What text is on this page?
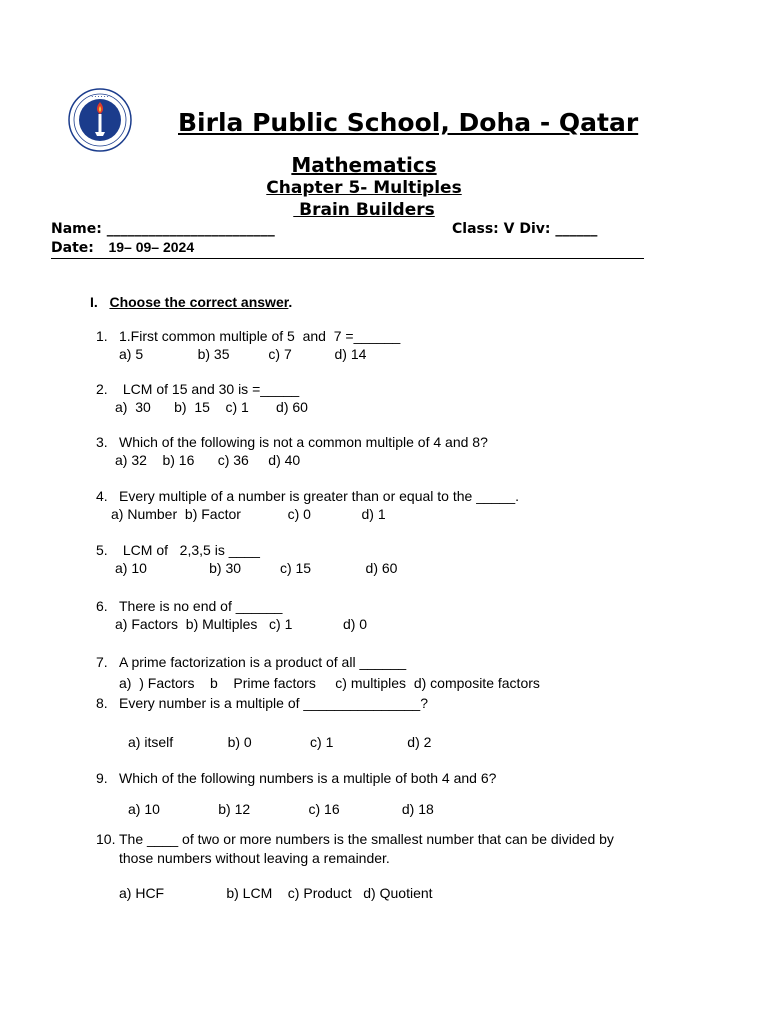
• • • • • •
Birla Public School, Doha - Qatar
Mathematics
Chapter 5- Multiples
Brain Builders
Name: ________________________	Class: V Div: ______
Date: 19– 09– 2024
I. Choose the correct answer.
1. 1.First common multiple of 5  and  7 =______
a) 5              b) 35          c) 7           d) 14
2. LCM of 15 and 30 is =_____
a)  30      b)  15    c) 1       d) 60
3. Which of the following is not a common multiple of 4 and 8?
a) 32    b) 16      c) 36     d) 40
4. Every multiple of a number is greater than or equal to the _____.
a) Number  b) Factor            c) 0             d) 1
5. LCM of   2,3,5 is ____
a) 10                b) 30          c) 15              d) 60
6. There is no end of ______
a) Factors  b) Multiples   c) 1             d) 0
7. A prime factorization is a product of all ______
a)  ) Factors    b    Prime factors     c) multiples  d) composite factors
8. Every number is a multiple of _______________?
a) itself              b) 0               c) 1                   d) 2
9. Which of the following numbers is a multiple of both 4 and 6?
a) 10               b) 12               c) 16                d) 18
10. The ____ of two or more numbers is the smallest number that can be divided by
those numbers without leaving a remainder.
a) HCF                b) LCM    c) Product   d) Quotient
